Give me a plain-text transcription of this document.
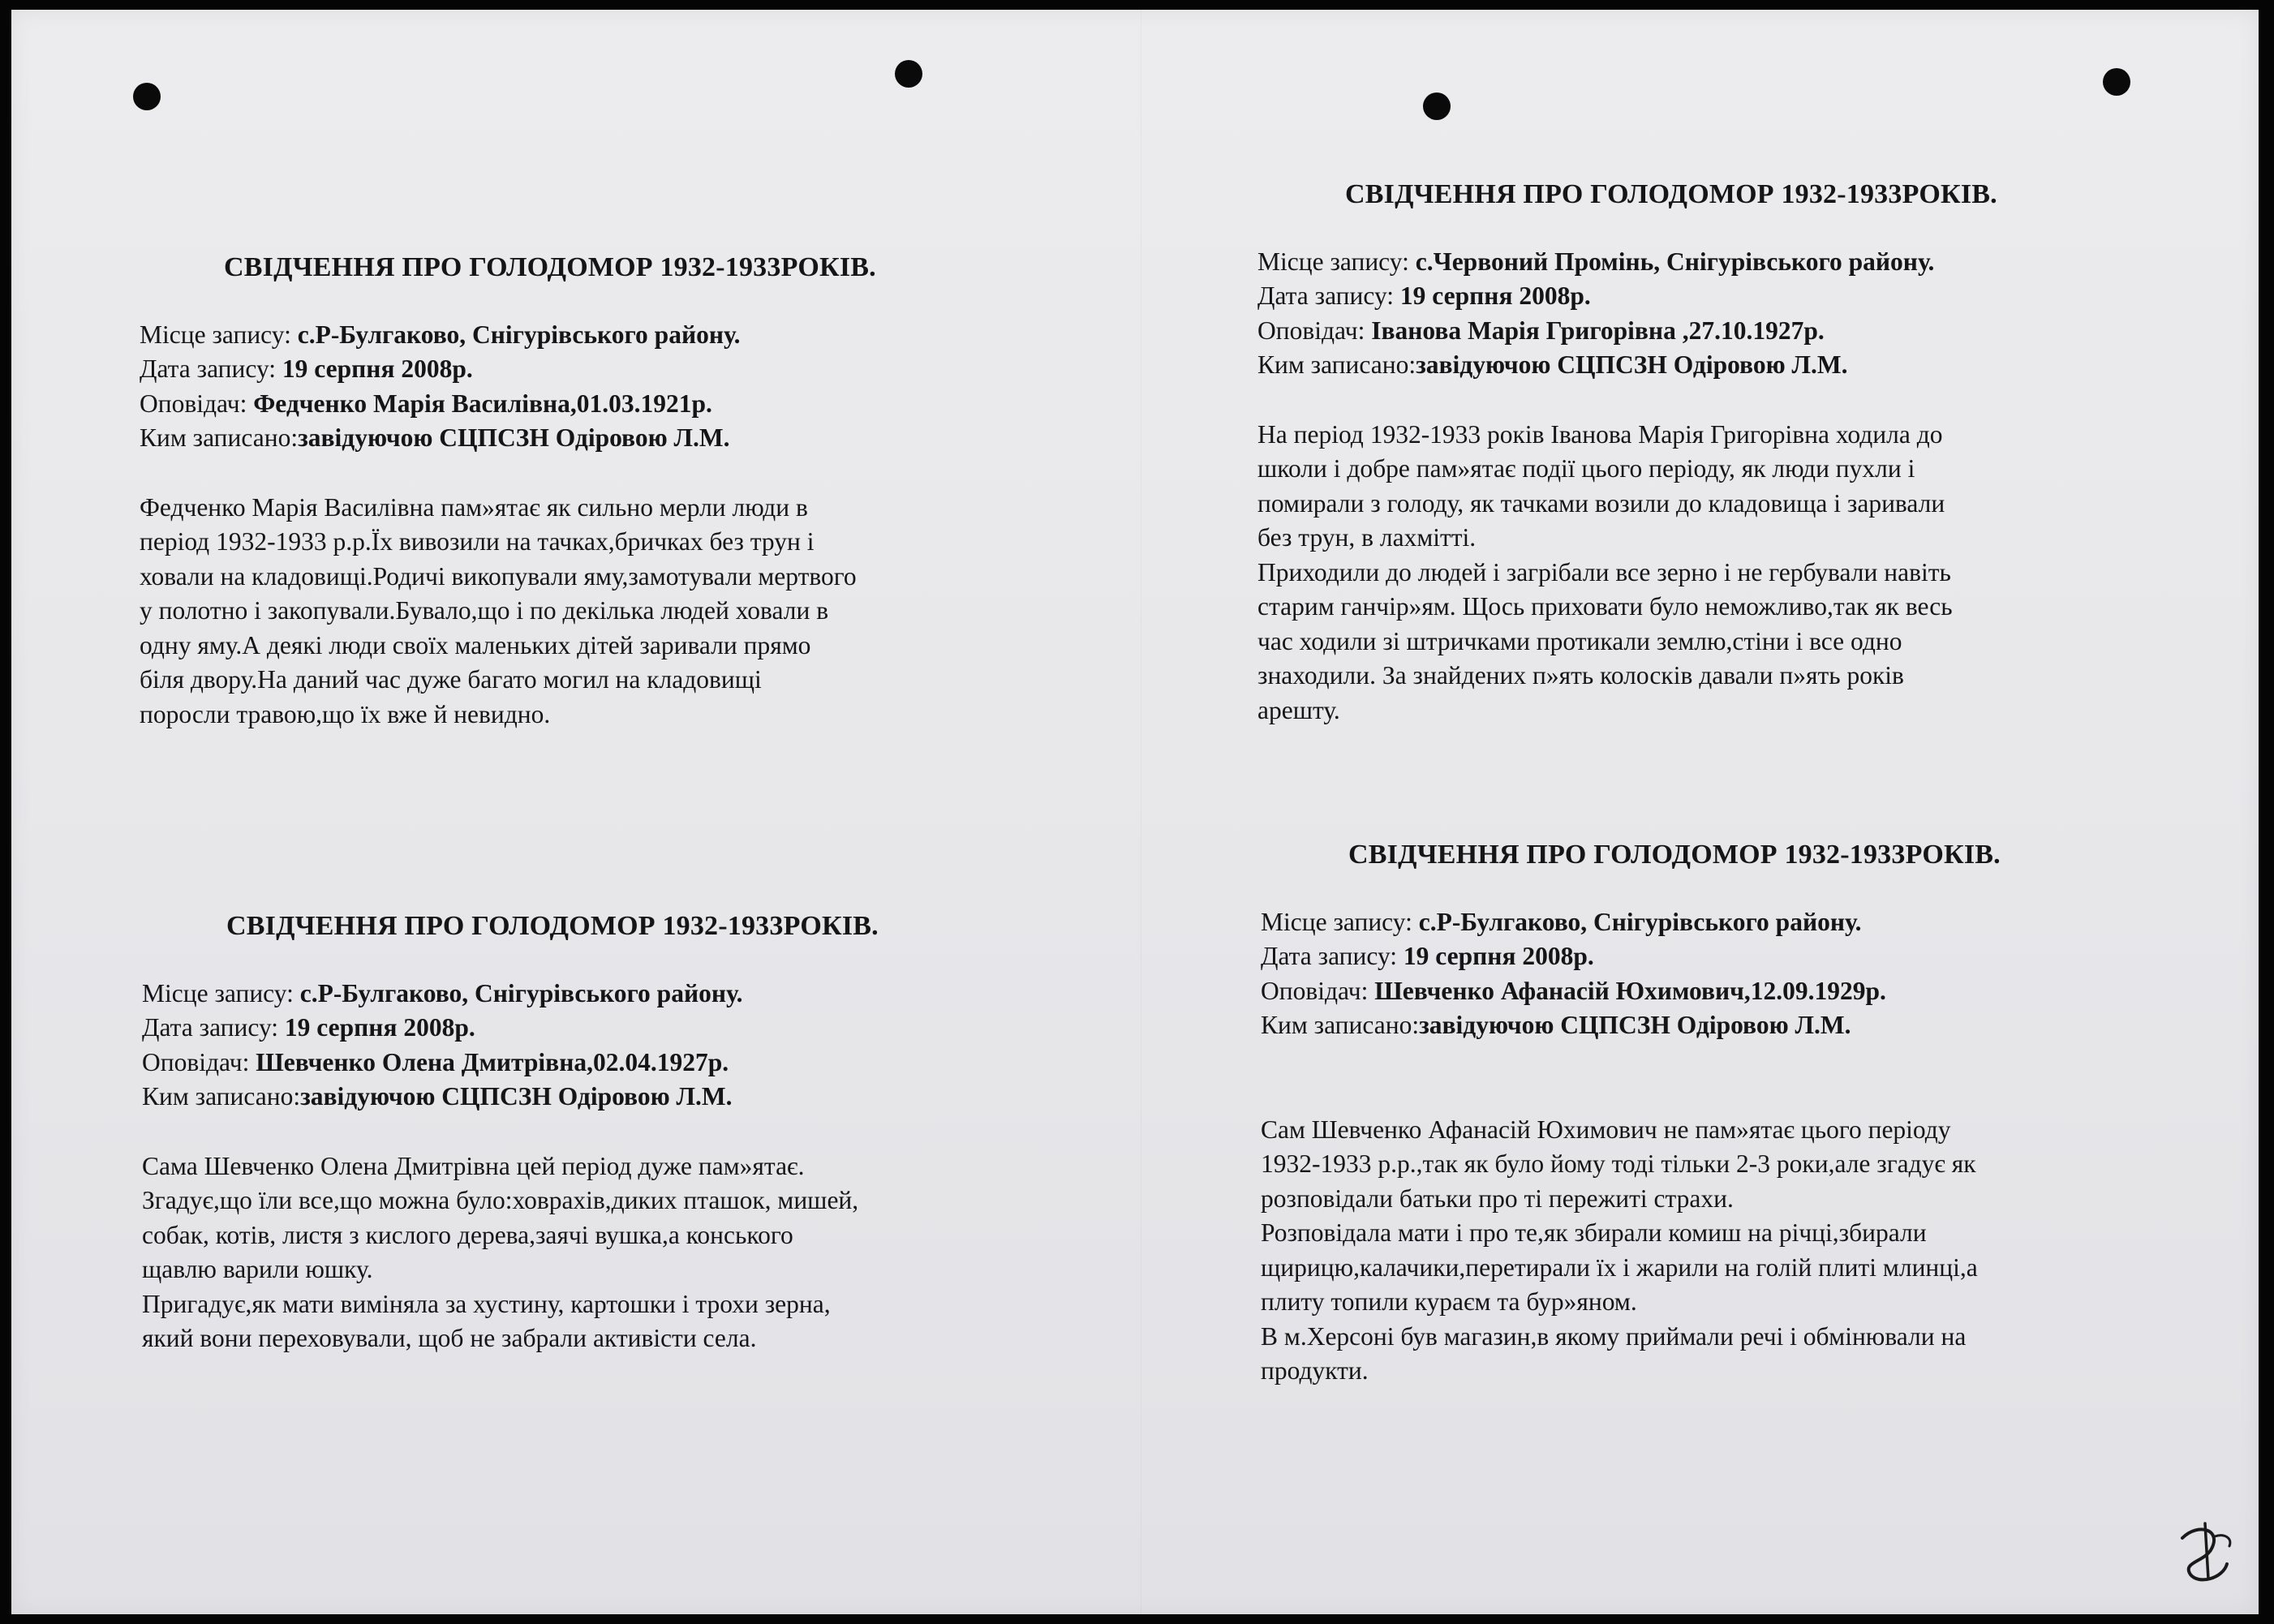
СВІДЧЕННЯ ПРО ГОЛОДОМОР 1932-1933РОКІВ.
Місце запису: с.Р-Булгаково, Снігурівського району.
Дата запису: 19 серпня 2008р.
Оповідач: Федченко Марія Василівна,01.03.1921р.
Ким записано:завідуючою СЦПСЗН Одіровою Л.М.

Федченко Марія Василівна пам»ятає як сильно мерли люди в

період 1932-1933 р.р.Їх вивозили на тачках,бричках без трун і

ховали на кладовищі.Родичі викопували яму,замотували мертвого

у полотно і закопували.Бувало,що і по декілька людей ховали в

одну яму.А деякі люди своїх маленьких дітей заривали прямо

біля двору.На даний час дуже багато могил на кладовищі

поросли травою,що їх вже й невидно.

СВІДЧЕННЯ ПРО ГОЛОДОМОР 1932-1933РОКІВ.
Місце запису: с.Р-Булгаково, Снігурівського району.
Дата запису: 19 серпня 2008р.
Оповідач: Шевченко Олена Дмитрівна,02.04.1927р.
Ким записано:завідуючою СЦПСЗН Одіровою Л.М.

Сама Шевченко Олена Дмитрівна цей період дуже пам»ятає.

Згадує,що їли все,що можна було:ховрахів,диких пташок, мишей,

собак, котів, листя з кислого дерева,заячі вушка,а конського

щавлю варили юшку.

Пригадує,як мати виміняла за хустину, картошки і трохи зерна,

який вони переховували, щоб не забрали активісти села.

СВІДЧЕННЯ ПРО ГОЛОДОМОР 1932-1933РОКІВ.
Місце запису: с.Червоний Промінь, Снігурівського району.
Дата запису: 19 серпня 2008р.
Оповідач: Іванова Марія Григорівна ,27.10.1927р.
Ким записано:завідуючою СЦПСЗН Одіровою Л.М.

На період 1932-1933 років Іванова Марія Григорівна ходила до

школи і добре пам»ятає події цього періоду, як люди пухли і

помирали з голоду, як тачками возили до кладовища і заривали

без трун, в лахмітті.

Приходили до людей і загрібали все зерно і не гербували навіть

старим ганчір»ям. Щось приховати було неможливо,так як весь

час ходили зі штричками протикали землю,стіни і все одно

знаходили. За знайдених п»ять колосків давали п»ять років

арешту.

СВІДЧЕННЯ ПРО ГОЛОДОМОР 1932-1933РОКІВ.
Місце запису: с.Р-Булгаково, Снігурівського району.
Дата запису: 19 серпня 2008р.
Оповідач: Шевченко Афанасій Юхимович,12.09.1929р.
Ким записано:завідуючою СЦПСЗН Одіровою Л.М.

Сам Шевченко Афанасій Юхимович не пам»ятає цього періоду

1932-1933 р.р.,так як було йому тоді тільки 2-3 роки,але згадує як

розповідали батьки про ті пережиті страхи.

Розповідала мати і про те,як збирали комиш на річці,збирали

щирицю,калачики,перетирали їх і жарили на голій плиті млинці,а

плиту топили кураєм та бур»яном.

В м.Херсоні був магазин,в якому приймали речі і обмінювали на

продукти.
